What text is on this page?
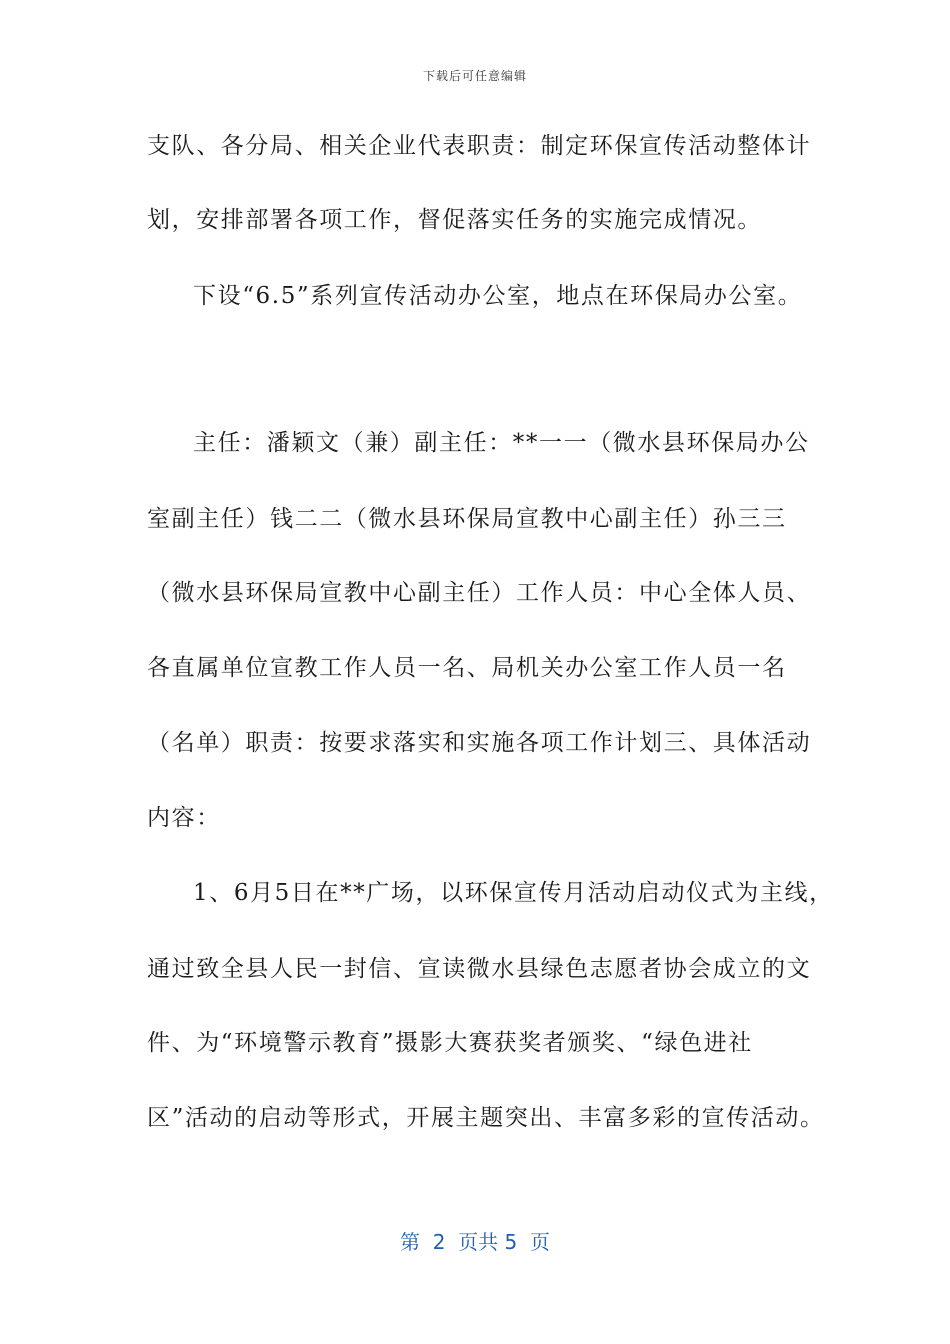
下载后可任意编辑
支队、各分局、相关企业代表职责：制定环保宣传活动整体计
划，安排部署各项工作，督促落实任务的实施完成情况。
下设“6.5”系列宣传活动办公室，地点在环保局办公室。
主任：潘颖文（兼）副主任：**一一（微水县环保局办公
室副主任）钱二二（微水县环保局宣教中心副主任）孙三三
（微水县环保局宣教中心副主任）工作人员：中心全体人员、
各直属单位宣教工作人员一名、局机关办公室工作人员一名
（名单）职责：按要求落实和实施各项工作计划三、具体活动
内容：
1、6月5日在**广场，以环保宣传月活动启动仪式为主线，
通过致全县人民一封信、宣读微水县绿色志愿者协会成立的文
件、为“环境警示教育”摄影大赛获奖者颁奖、“绿色进社
区”活动的启动等形式，开展主题突出、丰富多彩的宣传活动。
第  2  页共 5  页
